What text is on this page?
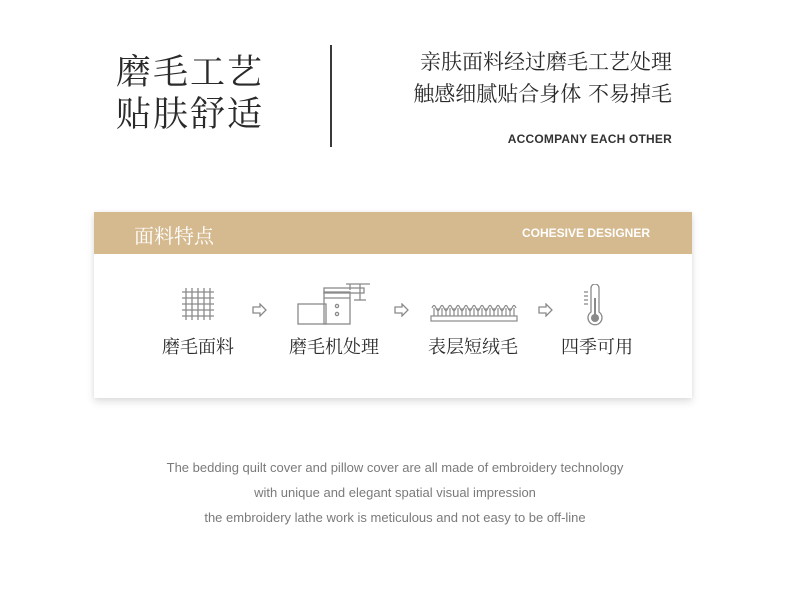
磨毛工艺
贴肤舒适
亲肤面料经过磨毛工艺处理
触感细腻贴合身体 不易掉毛
ACCOMPANY EACH OTHER
面料特点	COHESIVE DESIGNER
磨毛面料	磨毛机处理	表层短绒毛	四季可用
The bedding quilt cover and pillow cover are all made of embroidery technology
with unique and elegant spatial visual impression
the embroidery lathe work is meticulous and not easy to be off-line
